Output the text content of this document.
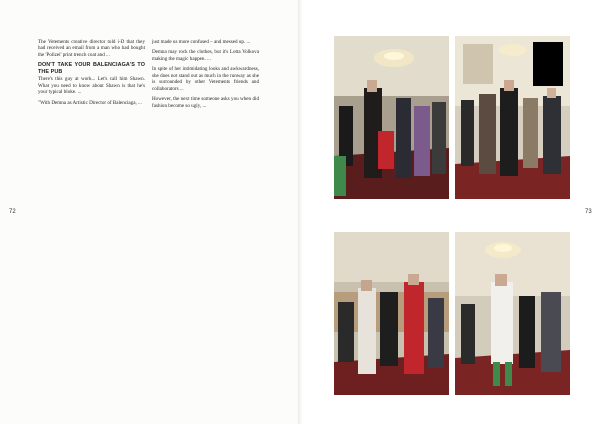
72	73

The Vetements creative director told i-D that they had received an email from a man who had bought the 'Polizei' print trench coat and ...

DON'T TAKE YOUR BALENCIAGA'S TO THE PUB

There's this guy at work... Let's call him Shawn. What you need to know about Shawn is that he's your typical bloke. ...

"With Demna as Artistic Director of Balenciaga, ...

just made us more confused – and messed up. ...

Demna may rock the clothes, but it's Lotta Volkova making the magic happen. ...

In spite of her intimidating looks and awkwardness, she does not stand out as much in the runway as she is surrounded by other Vetements friends and collaborators ...

However, the next time someone asks you when did fashion become so ugly, ...
